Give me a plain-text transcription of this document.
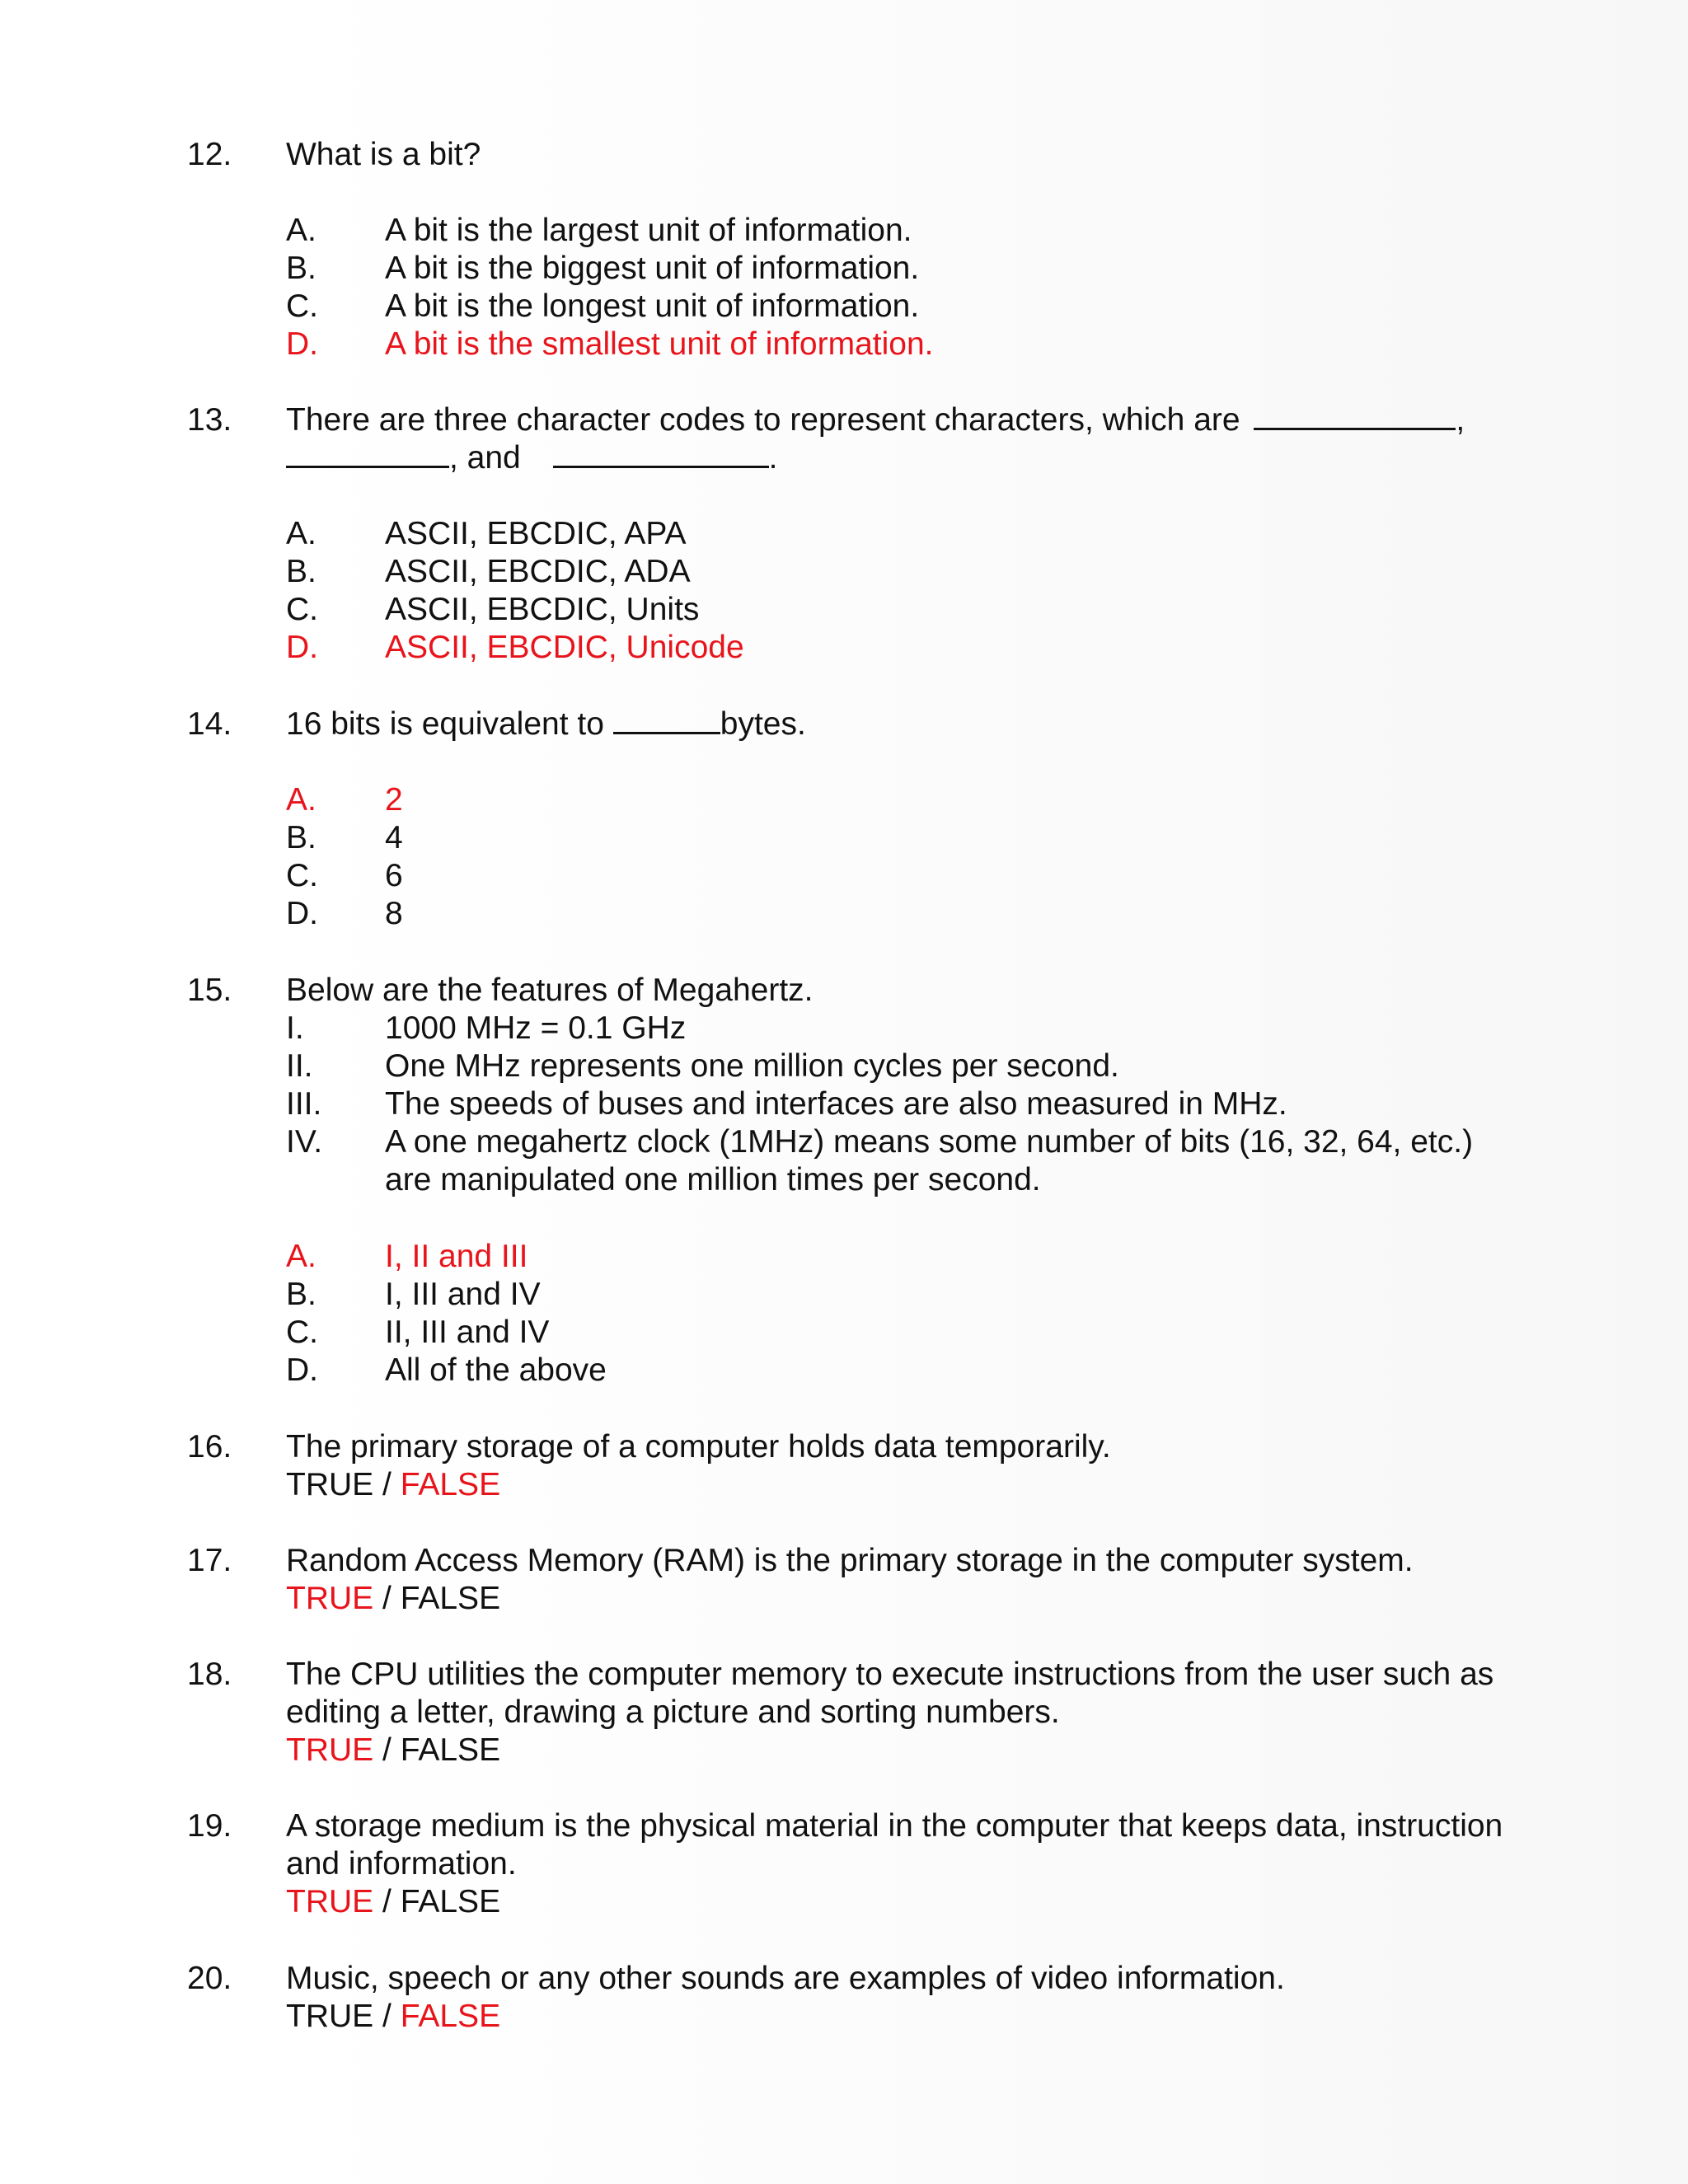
12. What is a bit?
A. A bit is the largest unit of information.
B. A bit is the biggest unit of information.
C. A bit is the longest unit of information.
D. A bit is the smallest unit of information.
13. There are three character codes to represent characters, which are	,
, and	.
A. ASCII, EBCDIC, APA
B. ASCII, EBCDIC, ADA
C. ASCII, EBCDIC, Units
D. ASCII, EBCDIC, Unicode
14. 16 bits is equivalent to	bytes.
A. 2
B. 4
C. 6
D. 8
15. Below are the features of Megahertz.
I.	1000 MHz = 0.1 GHz
II. One MHz represents one million cycles per second.
III. The speeds of buses and interfaces are also measured in MHz.
IV. A one megahertz clock (1MHz) means some number of bits (16, 32, 64, etc.)
are manipulated one million times per second.
A. I, II and III
B. I, III and IV
C. II, III and IV
D. All of the above
16. The primary storage of a computer holds data temporarily.
TRUE / FALSE
17. Random Access Memory (RAM) is the primary storage in the computer system.
TRUE / FALSE
18. The CPU utilities the computer memory to execute instructions from the user such as
editing a letter, drawing a picture and sorting numbers.
TRUE / FALSE
19. A storage medium is the physical material in the computer that keeps data, instruction
and information.
TRUE / FALSE
20. Music, speech or any other sounds are examples of video information.
TRUE / FALSE
